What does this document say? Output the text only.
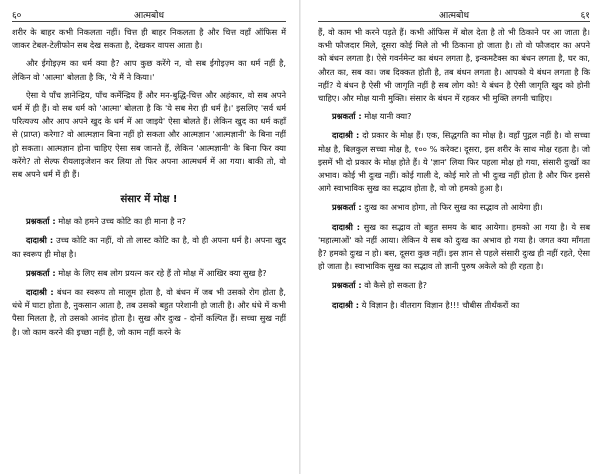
६०	आत्मबोध

शरीर के बाहर कभी निकलता नहीं। चित्त ही बाहर निकलता है और चित्त वहाँ ऑफिस में जाकर टेबल-टेलीफोन सब देख सकता है, देखकर वापस आता है।

और ईगोइज़्म का धर्म क्या है? आप कुछ करेंगे न, वो सब ईगोइज़्म का धर्म नहीं है, लेकिन वो 'आत्मा' बोलता है कि, 'ये मैं ने किया।'

ऐसा ये पाँच ज्ञानेन्द्रिय, पाँच कर्मेन्द्रिय हैं और मन-बुद्धि-चित्त और अहंकार, वो सब अपने धर्म में ही हैं। वो सब धर्म को 'आत्मा' बोलता है कि 'ये सब मेरा ही धर्म है।' इसलिए 'सर्व धर्म परित्यज्य और आप अपने खुद के धर्म में आ जाइये' ऐसा बोलते हैं। लेकिन खुद का धर्म कहाँ से (प्राप्त) करेगा? वो आत्मज्ञान बिना नहीं हो सकता और आत्मज्ञान 'आत्मज्ञानी' के बिना नहीं हो सकता। आत्मज्ञान होना चाहिए ऐसा सब जानते हैं, लेकिन 'आत्मज्ञानी' के बिना फिर क्या करेंगे? तो सेल्फ रीयलाइजेशन कर लिया तो फिर अपना आत्मधर्म में आ गया। बाकी तो, वो सब अपने धर्म में ही हैं।

संसार में मोक्ष !

प्रश्नकर्ता : मोक्ष को हमने उच्च कोटि का ही माना है न?

दादाश्री : उच्च कोटि का नहीं, वो तो लास्ट कोटि का है, वो ही अपना धर्म है। अपना खुद का स्वरूप ही मोक्ष है।

प्रश्नकर्ता : मोक्ष के लिए सब लोग प्रयत्न कर रहे हैं तो मोक्ष में आखिर क्या सुख है?

दादाश्री : बंधन का स्वरूप तो मालूम होता है, वो बंधन में जब भी उसको रोग होता है, धंधे में घाटा होता है, नुकसान आता है, तब उसको बहुत परेशानी हो जाती है। और धंधे में कभी पैसा मिलता है, तो उसको आनंद होता है। सुख और दुःख - दोनों कल्पित हैं। सच्चा सुख नहीं है। जो काम करने की इच्छा नहीं है, जो काम नहीं करने के

आत्मबोध	६१

हैं, वो काम भी करने पड़ते हैं। कभी ऑफिस में बोल देता है तो भी ठिकाने पर आ जाता है। कभी फौजदार मिले, दूसरा कोई मिले तो भी ठिकाना हो जाता है। तो वो फौजदार का अपने को बंधन लगता है। ऐसे गवर्नमेन्ट का बंधन लगता है, इन्कमटैक्स का बंधन लगता है, घर का, औरत का, सब का। जब दिक्कत होती है, तब बंधन लगता है। आपको ये बंधन लगता है कि नहीं? ये बंधन है ऐसी भी जागृति नहीं है सब लोग को! ये बंधन है ऐसी जागृति खुद को होनी चाहिए। और मोक्ष यानी मुक्ति। संसार के बंधन में रहकर भी मुक्ति लगनी चाहिए।

प्रश्नकर्ता : मोक्ष यानी क्या?

दादाश्री : दो प्रकार के मोक्ष हैं। एक, सिद्धगति का मोक्ष है। वहाँ पुद्गल नहीं है। वो सच्चा मोक्ष है, बिलकुल सच्चा मोक्ष है, १०० % करेक्ट। दूसरा, इस शरीर के साथ मोक्ष रहता है। जो इसमें भी दो प्रकार के मोक्ष होते हैं। ये 'ज्ञान' लिया फिर पहला मोक्ष हो गया, संसारी दुःखों का अभाव। कोई भी दुःख नहीं। कोई गाली दे, कोई मारे तो भी दुःख नहीं होता है और फिर इससे आगे स्वाभाविक सुख का सद्भाव होता है, वो जो हमको हुआ है।

प्रश्नकर्ता : दुःख का अभाव होगा, तो फिर सुख का सद्भाव तो आयेगा ही।

दादाश्री : सुख का सद्भाव तो बहुत समय के बाद आयेगा। हमको आ गया है। ये सब 'महात्माओं' को नहीं आया। लेकिन ये सब को दुःख का अभाव हो गया है। जगत क्या माँगता है? हमको दुःख न हो। बस, दूसरा कुछ नहीं। इस ज्ञान से पहले संसारी दुःख ही नहीं रहते, ऐसा हो जाता है। स्वाभाविक सुख का सद्भाव तो ज्ञानी पुरुष अकेले को ही रहता है।

प्रश्नकर्ता : वो कैसे हो सकता है?

दादाश्री : ये विज्ञान है। वीतराग विज्ञान है!!! चौबीस तीर्थंकरों का
